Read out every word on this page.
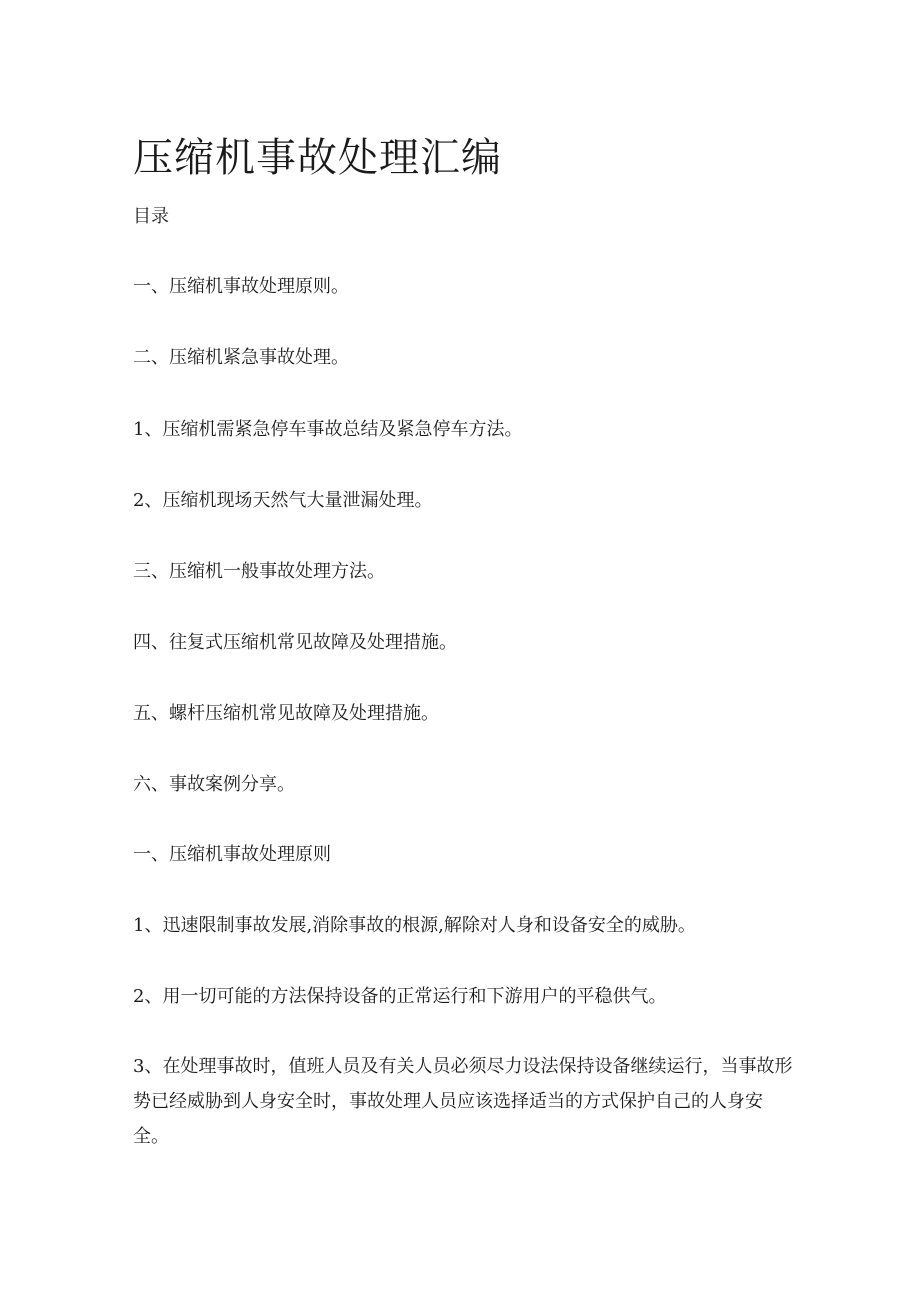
压缩机事故处理汇编

目录

一、压缩机事故处理原则。

二、压缩机紧急事故处理。

1、压缩机需紧急停车事故总结及紧急停车方法。

2、压缩机现场天然气大量泄漏处理。

三、压缩机一般事故处理方法。

四、往复式压缩机常见故障及处理措施。

五、螺杆压缩机常见故障及处理措施。

六、事故案例分享。

一、压缩机事故处理原则

1、迅速限制事故发展,消除事故的根源,解除对人身和设备安全的威胁。

2、用一切可能的方法保持设备的正常运行和下游用户的平稳供气。

3、在处理事故时，值班人员及有关人员必须尽力设法保持设备继续运行，当事故形势已经威胁到人身安全时，事故处理人员应该选择适当的方式保护自己的人身安全。
